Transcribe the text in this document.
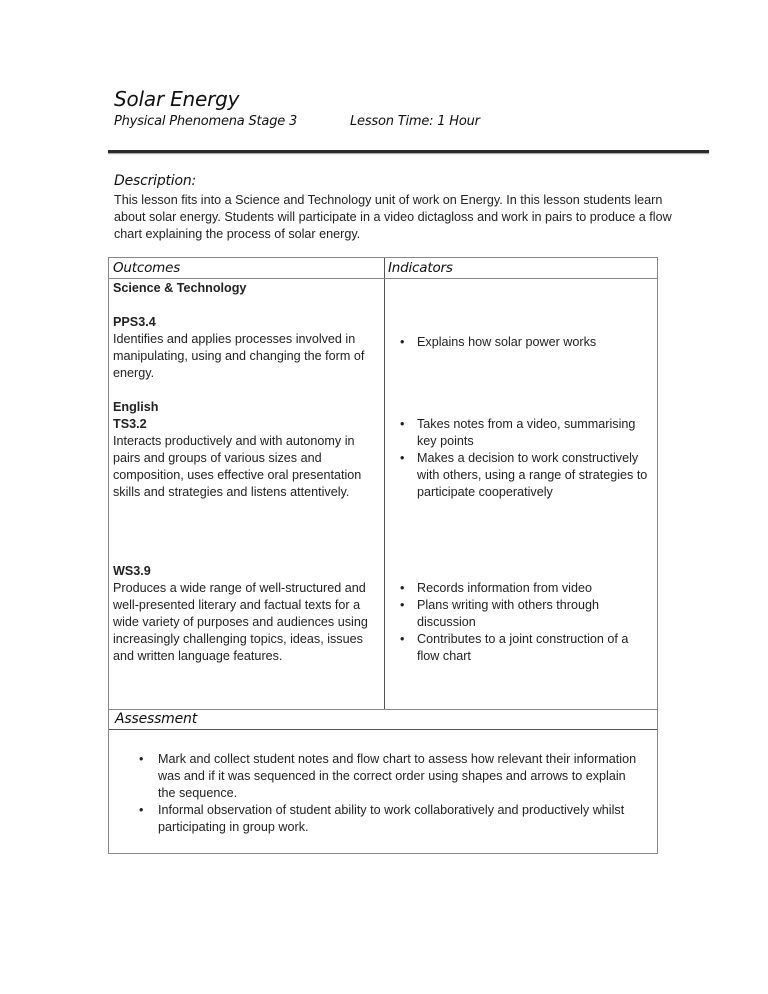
Solar Energy
Physical Phenomena Stage 3	Lesson Time: 1 Hour
Description:
This lesson fits into a Science and Technology unit of work on Energy. In this lesson students learn about solar energy. Students will participate in a video dictagloss and work in pairs to produce a flow chart explaining the process of solar energy.
Outcomes	Indicators
Science & Technology
PPS3.4
Identifies and applies processes involved in manipulating, using and changing the form of energy.
• Explains how solar power works
English
TS3.2
Interacts productively and with autonomy in pairs and groups of various sizes and composition, uses effective oral presentation skills and strategies and listens attentively.
• Takes notes from a video, summarising key points
• Makes a decision to work constructively with others, using a range of strategies to participate cooperatively
WS3.9
Produces a wide range of well-structured and well-presented literary and factual texts for a wide variety of purposes and audiences using increasingly challenging topics, ideas, issues and written language features.
• Records information from video
• Plans writing with others through discussion
• Contributes to a joint construction of a flow chart
Assessment
• Mark and collect student notes and flow chart to assess how relevant their information was and if it was sequenced in the correct order using shapes and arrows to explain the sequence.
• Informal observation of student ability to work collaboratively and productively whilst participating in group work.
